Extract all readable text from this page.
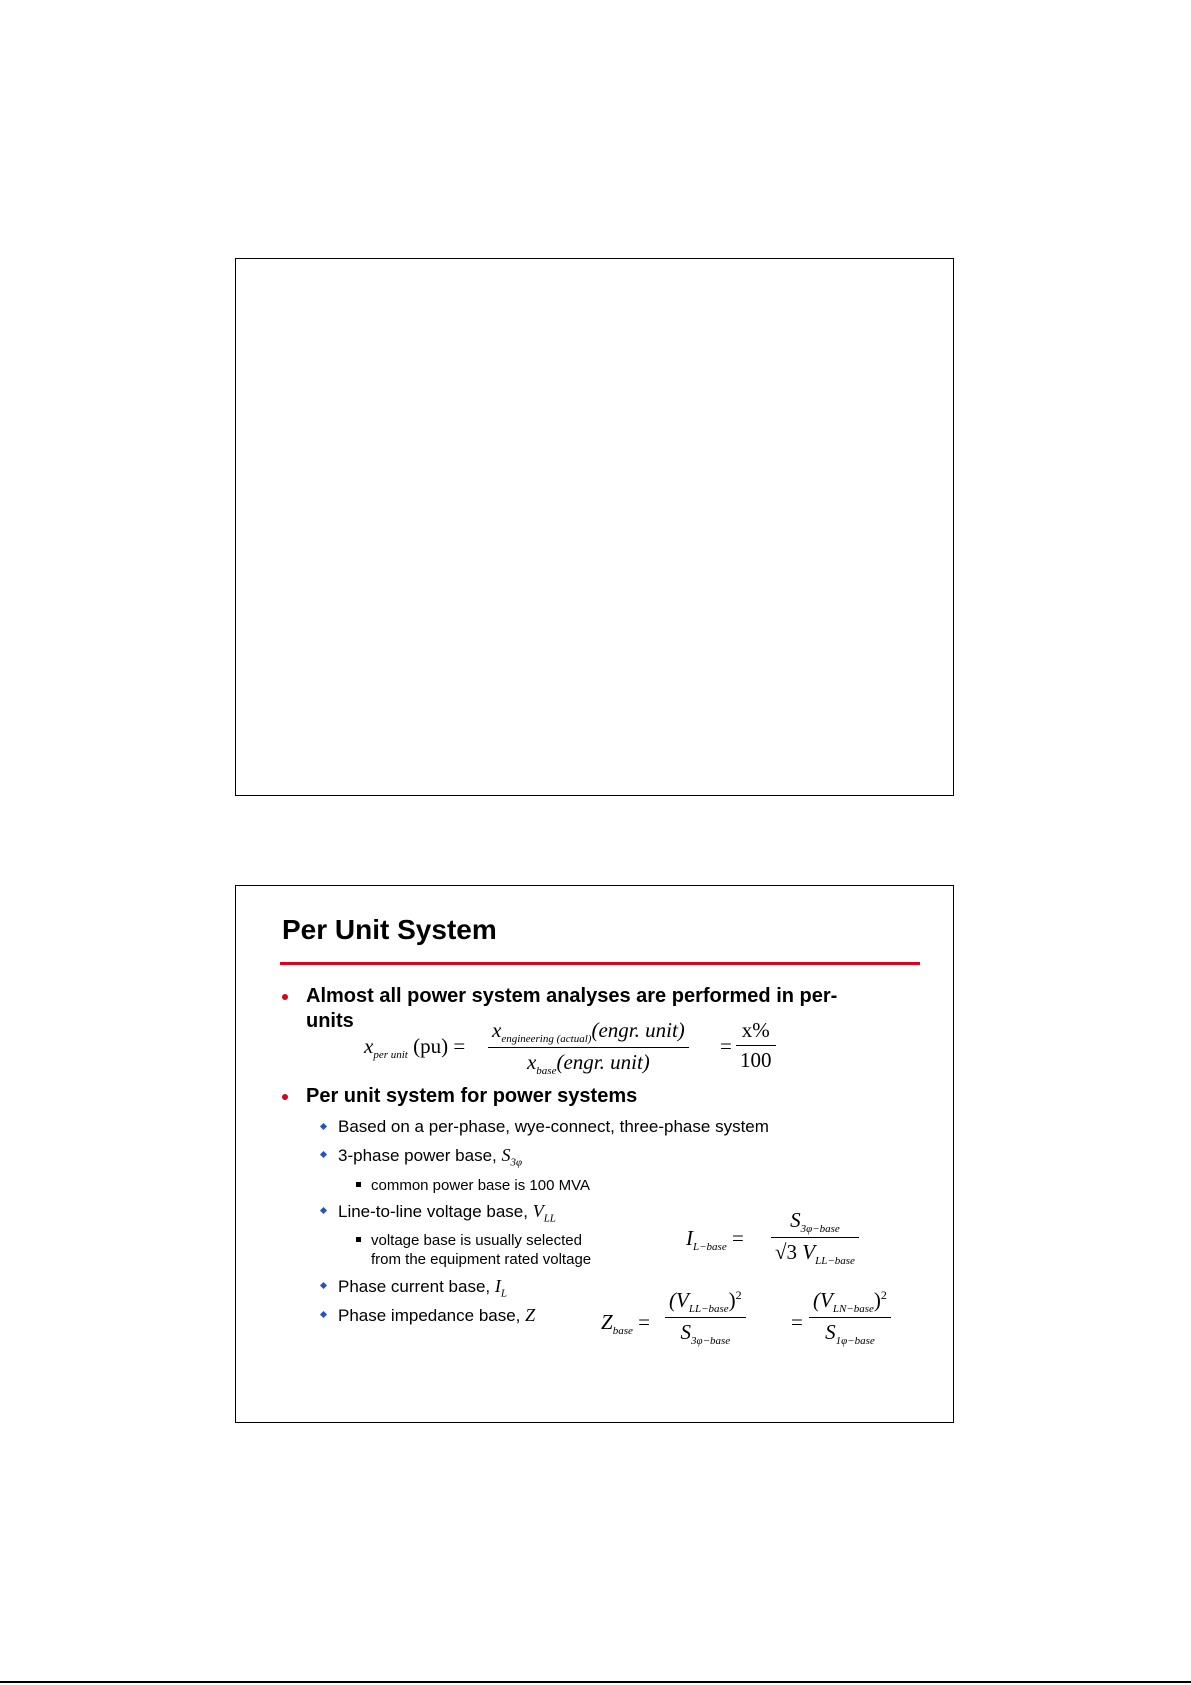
Per Unit System
Almost all power system analyses are performed in per-
units
$x_{per unit}$ (pu) =
$x_{engineering (actual)}(engr$. unit)
$x_{base}(engr$. unit)
= $\frac{x\%}{100}$
Per unit system for power systems
Based on a per-phase, wye-connect, three-phase system
3-phase power base, $S_{3\varphi}$
common power base is 100 MVA
Line-to-line voltage base, $V_{LL}$
voltage base is usually selected
from the equipment rated voltage
Phase current base, $I_L$
Phase impedance base, Z
$I_{L-base}$ =
$S_{3\varphi-base}$
√3 $V_{LL-base}$
$Z_{base}$ =
$(V_{LL-base})^2$
$S_{3\varphi-base}$
=
$(V_{LN-base})^2$
$S_{1\varphi-base}$
